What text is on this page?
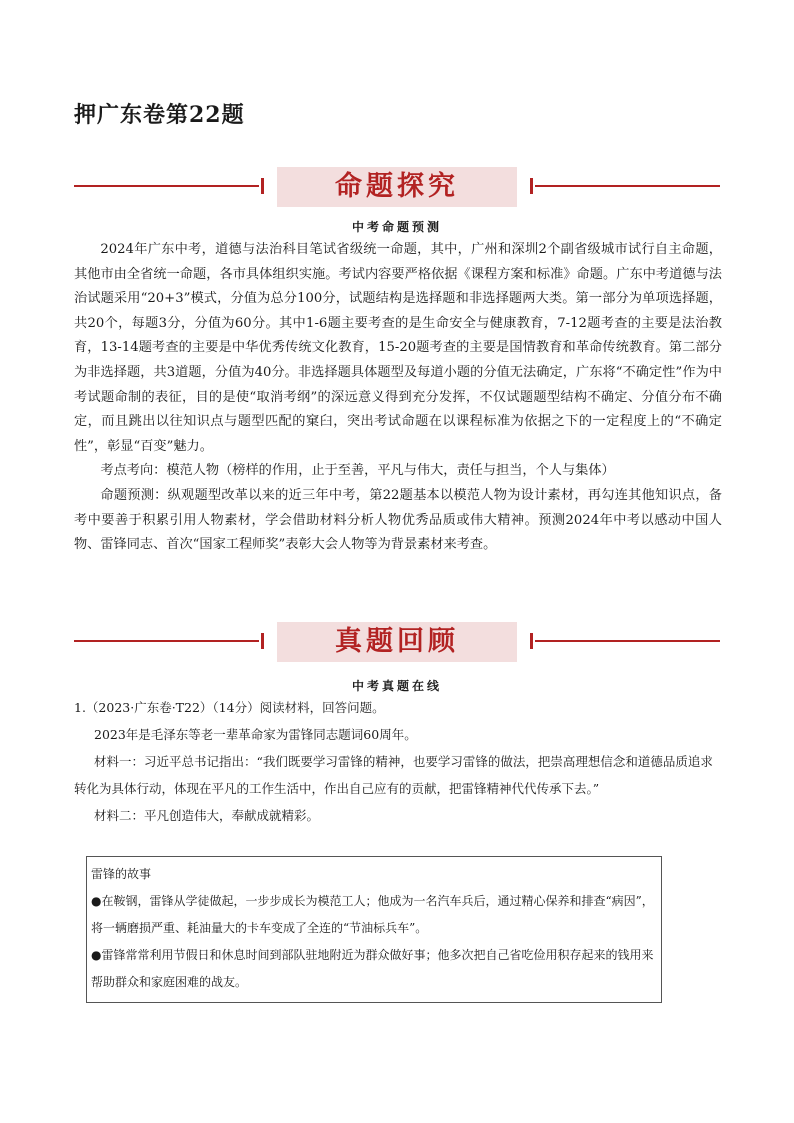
押广东卷第22题
命题探究
中考命题预测

2024年广东中考，道德与法治科目笔试省级统一命题，其中，广州和深圳2个副省级城市试行自主命题，其他市由全省统一命题，各市具体组织实施。考试内容要严格依据《课程方案和标准》命题。广东中考道德与法治试题采用“20+3”模式，分值为总分100分，试题结构是选择题和非选择题两大类。第一部分为单项选择题，共20个，每题3分，分值为60分。其中1-6题主要考查的是生命安全与健康教育，7-12题考查的主要是法治教育，13-14题考查的主要是中华优秀传统文化教育，15-20题考查的主要是国情教育和革命传统教育。第二部分为非选择题，共3道题，分值为40分。非选择题具体题型及每道小题的分值无法确定，广东将“不确定性”作为中考试题命制的表征，目的是使“取消考纲”的深远意义得到充分发挥，不仅试题题型结构不确定、分值分布不确定，而且跳出以往知识点与题型匹配的窠臼，突出考试命题在以课程标准为依据之下的一定程度上的“不确定性”，彰显“百变”魅力。

考点考向：模范人物（榜样的作用，止于至善，平凡与伟大，责任与担当，个人与集体）

命题预测：纵观题型改革以来的近三年中考，第22题基本以模范人物为设计素材，再勾连其他知识点，备考中要善于积累引用人物素材，学会借助材料分析人物优秀品质或伟大精神。预测2024年中考以感动中国人物、雷锋同志、首次“国家工程师奖”表彰大会人物等为背景素材来考查。

真题回顾
中考真题在线

1.（2023·广东卷·T22）（14分）阅读材料，回答问题。

2023年是毛泽东等老一辈革命家为雷锋同志题词60周年。

材料一：习近平总书记指出：“我们既要学习雷锋的精神，也要学习雷锋的做法，把崇高理想信念和道德品质追求转化为具体行动，体现在平凡的工作生活中，作出自己应有的贡献，把雷锋精神代代传承下去。”

材料二：平凡创造伟大，奉献成就精彩。

雷锋的故事

●在鞍钢，雷锋从学徒做起，一步步成长为模范工人；他成为一名汽车兵后，通过精心保养和排查“病因”，将一辆磨损严重、耗油量大的卡车变成了全连的“节油标兵车”。

●雷锋常常利用节假日和休息时间到部队驻地附近为群众做好事；他多次把自己省吃俭用积存起来的钱用来帮助群众和家庭困难的战友。
